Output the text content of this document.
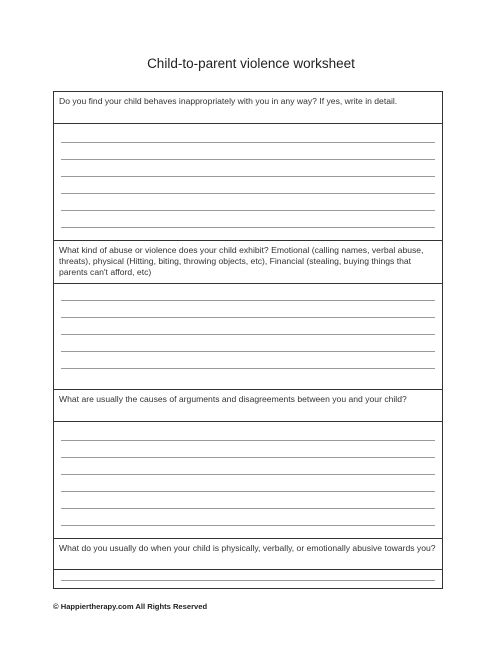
Child-to-parent violence worksheet
Do you find your child behaves inappropriately with you in any way? If yes, write in detail.
What kind of abuse or violence does your child exhibit? Emotional (calling names, verbal abuse, threats), physical (Hitting, biting, throwing objects, etc), Financial (stealing, buying things that parents can't afford, etc)
What are usually the causes of arguments and disagreements between you and your child?
What do you usually do when your child is physically, verbally, or emotionally abusive towards you?
© Happiertherapy.com All Rights Reserved
